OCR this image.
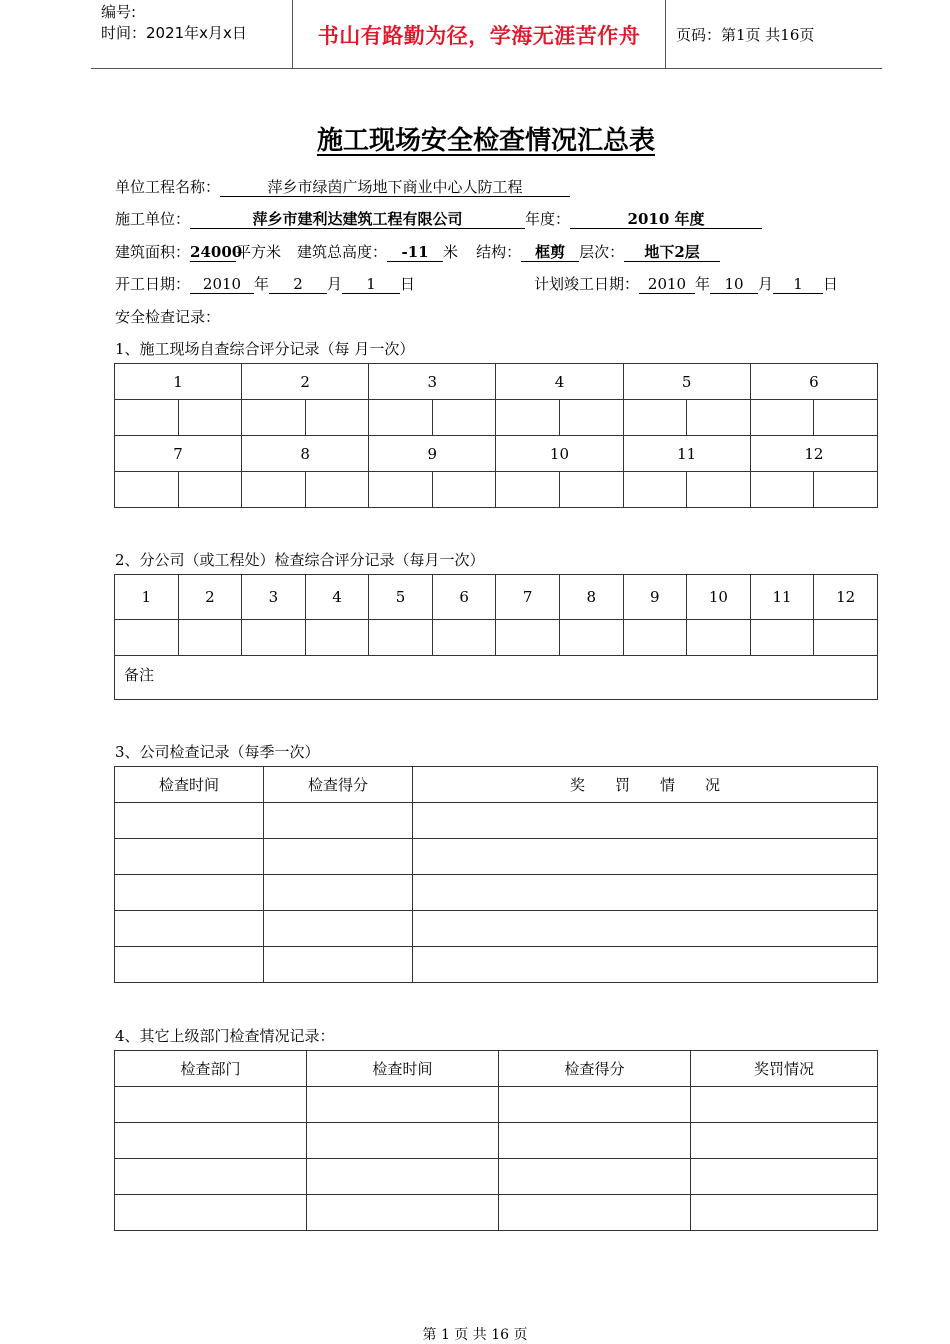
编号:
时间：2021年x月x日	书山有路勤为径，学海无涯苦作舟	页码：第1页 共16页
施工现场安全检查情况汇总表
单位工程名称：	萍乡市绿茵广场地下商业中心人防工程
施工单位：	萍乡市建利达建筑工程有限公司	年度：	2010 年度
建筑面积：24000平方米 建筑总高度： -11 米 结构： 框剪 层次： 地下2层
开工日期： 2010 年 2 月 1 日	计划竣工日期： 2010 年 10 月 1 日
安全检查记录：
1、施工现场自查综合评分记录（每 月一次）
1		2		3		4		5		6	

7		8		9		10		11		12	

2、分公司（或工程处）检查综合评分记录（每月一次）
1	2	3	4	5	6	7	8	9	10	11	12

备注											
3、公司检查记录（每季一次）
检查时间	检查得分	奖　　罚　　情　　况

4、其它上级部门检查情况记录：
检查部门	检查时间	检查得分	奖罚情况

第 1 页 共 16 页
